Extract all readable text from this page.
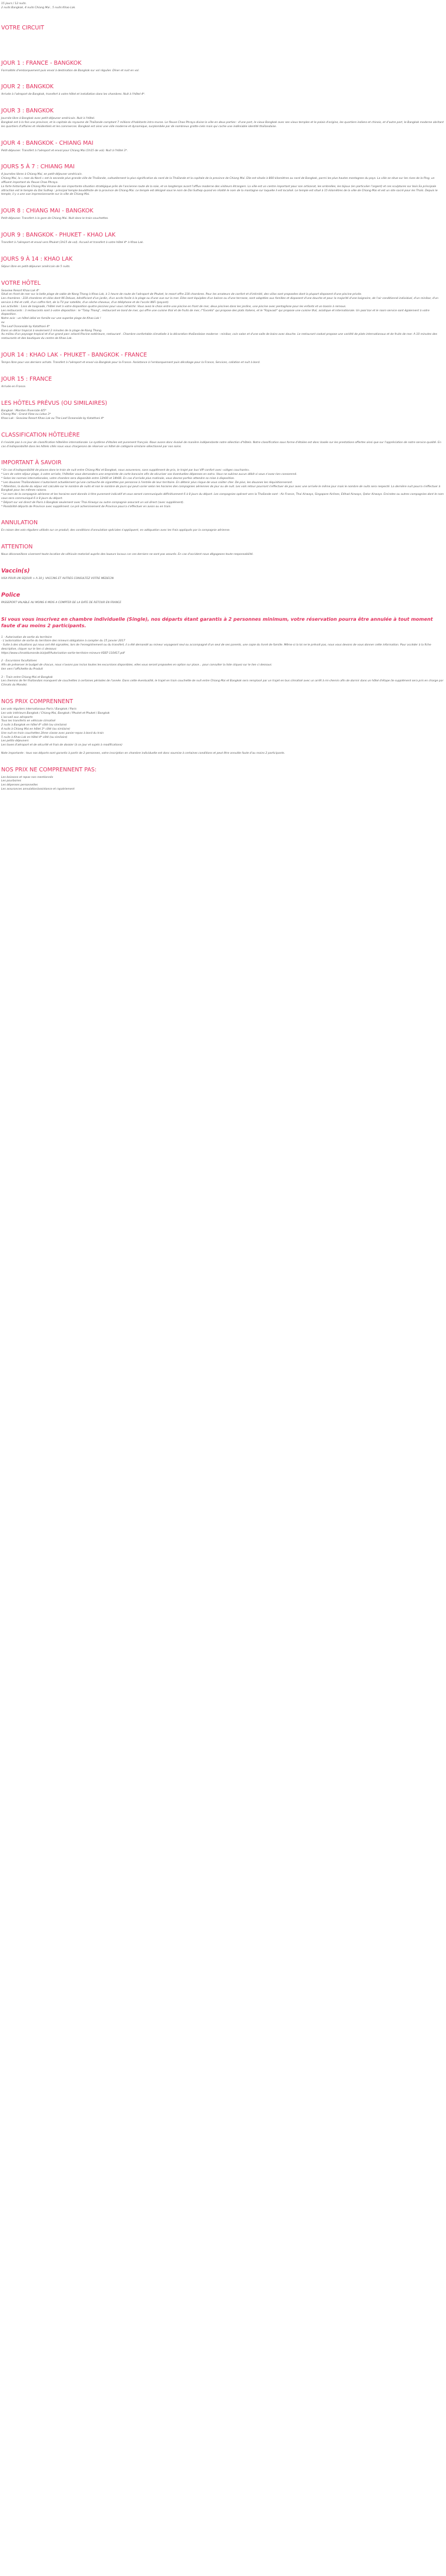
15 jours / 12 nuits.

2 nuits Bangkok, 4 nuits Chiang Mai , 5 nuits Khao Lak.

VOTRE CIRCUIT
JOUR 1 : FRANCE - BANGKOK

Formalités d'embarquement puis envol à destination de Bangkok sur vol régulier. Dîner et nuit en vol.

JOUR 2 : BANGKOK

Arrivée à l'aéroport de Bangkok, transfert à votre hôtel et installation dans les chambres. Nuit à l'hôtel 4*.

JOUR 3 : BANGKOK

Journée libre à Bangkok avec petit-déjeuner américain. Nuit à l'hôtel.
Bangkok est à la fois une province, et la capitale du royaume de Thaïlande comptant 7 millions d'habitants intra-muros. Le fleuve Chao Phraya divise la ville en deux parties : d'une part, le vieux Bangkok avec ses vieux temples et le palais d'origine, les quartiers indiens et chinois, et d'autre part, le Bangkok moderne abritant les quartiers d'affaires et résidentiels et les commerces. Bangkok est ainsi une ville moderne et dynamique, surplombée par de nombreux gratte-ciels mais qui cache une indéniable identité thaïlandaise.

JOUR 4 : BANGKOK - CHIANG MAI

Petit-déjeuner. Transfert à l'aéroport et envol pour Chiang Mai (1h15 de vol). Nuit à l'hôtel 3*.

JOURS 5 À 7 : CHIANG MAI

4 journées libres à Chiang Mai, en petit-déjeuner américain.
Chiang Mai, la « rose du Nord » est la seconde plus grande ville de Thaïlande, cultuellement la plus significative du nord de la Thaïlande et la capitale de la province de Chiang Mai. Elle est située à 800 kilomètres au nord de Bangkok, parmi les plus hautes montagnes du pays. La ville se situe sur les rives de la Ping, un affluent important du fleuve Chao Phraya.
La forte historique de Chiang Mai émane de son importante situation stratégique près de l'ancienne route de la soie, et ce longtemps avant l'afflux moderne des visiteurs étrangers. La ville est un centre important pour son artisanat, les ombrelles, les bijoux (en particulier l'argent) et ces sculptures sur bois.Sa principale attraction est le temple du Doi Suthep : principal temple bouddhiste de la province de Chiang Mai. Le temple est désigné sous le nom de Doi Suthep quand en réalité le nom de la montagne sur laquelle il est localisé. Le temple est situé à 15 kilomètres de la ville de Chiang Mai et est un site sacré pour les Thaïs. Depuis le temple, il y a une vue impressionnante sur la ville de Chiang Mai.

JOUR 8 : CHIANG MAI - BANGKOK

Petit-déjeuner. Transfert à la gare de Chiang Mai. Nuit dans le train-couchettes.

JOUR 9 : BANGKOK - PHUKET - KHAO LAK

Transfert à l'aéroport et envol vers Phuket (1h15 de vol). Accueil et transfert à votre hôtel 4* à Khao Lak.

JOURS 9 À 14 : KHAO LAK

Séjour libre en petit-déjeuner américain de 5 nuits.

VOTRE HÔTEL

Seaview Resort Khao Lak 4*
Situé en front de mer sur la belle plage de sable de Nang Thong à Khao Lak, à 1 heure de route de l'aéroport de Phuket, le resort offre 218 chambres. Pour les amateurs de confort et d'intimité, des villas sont proposées dont la plupart disposent d'une piscine privée.
Les chambres : 218 chambres et villas dont 96 Deluxe, bénéficiant d'un jardin, d'un accès facile à la plage ou d'une vue sur la mer. Elles sont équipées d'un balcon ou d'une terrasse, sont adaptées aux familles et disposent d'une douche et pour la majorité d'une baignoire, de l'air conditionné individuel, d'un minibar, d'un service à thé et café, d'un coffre-fort, de la TV par satellite, d'un sèche-cheveux, d'un téléphone et de l'accès WiFi (payant).
Les activités : 1ans de baignade, l'hôtel met à votre disposition quatre piscines pour vous rafraîchir. Vous avez le choix entre une piscine en front de mer, deux piscines dans les jardins, une piscine avec pentaglisse pour les enfants et un bassin à remous.
Les restaurants : 3 restaurants sont à votre disposition : le "Talay Thong", restaurant en bord de mer, qui offre une cuisine thaï et de fruits de mer, l'"Excello" qui propose des plats italiens, et le "Rajavadi" qui propose une cuisine thaï, asiatique et internationale. Un pool bar et le room service sont également à votre disposition.
Notre avis : un hôtel idéal en famille sur une superbe plage de Khao Lak !
ou
The Leaf Oceanside by Katathani 4*
Dans un décor tropical à seulement 2 minutes de la plage de Nang Thong.
Au milieu d'un paysage tropical et d'un grand parc arboré.Piscine extérieure, restaurant . Chambre confortable climatisée à la décoration thaïlandaise moderne : minibar, coin salon et d'une salle de bains avec douche. Le restaurant cookat propose une variété de plats internationaux et de fruits de mer. A 10 minutes des restaurants et des boutiques du centre de Khao Lak.

JOUR 14 : KHAO LAK - PHUKET - BANGKOK - FRANCE

Temps libre pour vos derniers achats. Transfert à l'aéroport et envol via Bangkok pour la France. Assistance à l'embarquement puis décollage pour la France, Services, collation et nuit à bord.

JOUR 15 : FRANCE

Arrivée en France.

LES HÔTELS PRÉVUS (OU SIMILAIRES)

Bangkok : Montien Riverside 4/5*
Chiang Mai : Grand View ou Lotus 3*
Khao Lak : Seaview Resort Khao Lak ou The Leaf Oceanside by Katathani 4*

CLASSIFICATION HÔTELIÈRE

Il n'existe pas à ce jour de classification hôtelière internationale. Le système d'étoiles est purement français. Nous avons donc évalué de manière indépendante notre sélection d'hôtels. Notre classification sous forme d'étoiles est donc basée sur les prestations offertes ainsi que sur l'appréciation de notre service qualité. En cas d'indisponibilité dans les hôtels cités nous vous chargerons de réserver un hôtel de catégorie similaire sélectionné par nos soins.

IMPORTANT À SAVOIR

* En cas d'indisponibilité de places dans le train de nuit entre Chiang Mai et Bangkok, nous assurerons, sans supplément de prix, le trajet par bus VIP confort avec «sièges couchants».
* Lors de votre séjour plage, à votre arrivée, l'hôtelier vous demandera une empreinte de carte bancaire afin de sécuriser vos éventuelles dépenses en extra. Vous ne subirez aucun débit si vous n'avez rien consommé.
* Selon les normes internationales, votre chambre sera disponible entre 12h00 et 14h00. En cas d'arrivée plus matinale, vous devrez parfois attendre sa mise à disposition.
* Les douanes Thaïlandaises n'autorisent actuellement qu'une cartouche de cigarettes par personne à l'entrée de leur territoire. En détenir plus risque de vous coûter cher. De plus, les douanes les réquisitionneront.
* Attention, la durée du séjour est calculée sur le nombre de nuits et non le nombre de jours qui peut varier selon les horaires des compagnies aériennes de jour ou de nuit. Les vols retour pourront s'effectuer de jour avec une arrivée le même jour mais le nombre de nuits sera respecté. La dernière nuit pourra s'effectuer à Bangkok pour les mêmes raisons.
* Le nom de la compagnie aérienne et les horaires sont donnés à titre purement indicatif et vous seront communiqués définitivement 6 à 8 jours du départ. Les compagnies opérant vers la Thaïlande sont : Air France, Thai Airways, Singapore Airlines, Etihad Airways, Qatar Airways. Emirates ou autres compagnies dont le nom vous sera communiqué 6 à 8 jours du départ.
* Départ sur vol direct de Paris à Bangkok seulement avec Thai Airways ou autre compagnie assurant un vol direct (avec supplément).
* Possibilité départs de Province avec supplément. Le pré acheminement de Province pourra s'effectuer en avion ou en train.

ANNULATION

En raison des vols réguliers utilisés sur ce produit, des conditions d'annulation spéciales s'appliquent, en adéquation avec les frais appliqués par la compagnie aérienne.

ATTENTION

Nous déconseillons vivement toute location de véhicule motorisé auprès des loueurs locaux car ces derniers ne sont pas assurés. En cas d'accident nous dégageons toute responsabilité.

Vaccin(s)

VISA POUR UN SEJOUR > A 30 J. VACCINS ET AUTRES CONSULTEZ VOTRE MEDECIN

Police

PASSEPORT VALABLE AU MOINS 6 MOIS A COMPTER DE LA DATE DE RETOUR EN FRANCE

Si vous vous inscrivez en chambre individuelle (Single), nos départs étant garantis à 2 personnes minimum, votre réservation pourra être annulée à tout moment faute d'au moins 2 participants.

1 - Autorisation de sortie du territoire
· L'autorisation de sortie du territoire des mineurs obligatoire à compter du 15 janvier 2017
· Suite à des situations qui nous ont été signalées, lors de l'enregistrement ou du transfert, il a été demandé au mineur voyageant seul ou accompagné d'un seul de ses parents, une copie du livret de famille. Même si la loi ne le prévoit pas, nous vous devons de vous donner cette information. Pour accéder à la fiche descriptive, cliquer sur le lien ci dessous:
https://www.climatdumonde.biz/pdf/Autorisation-sortie-territoire-mineurs-VDEF-110417.pdf

2 - Excursions facultatives
Afin de préserver le budget de chacun, nous n'avons pas inclus toutes les excursions disponibles, elles vous seront proposées en option sur place... pour consulter la liste cliquez sur le lien ci dessous:
lien vers l'affichette du Produit

3 – Train entre Chiang Mai et Bangkok
Les chemins de fer thaïlandais manquent de couchettes à certaines périodes de l'année. Dans cette éventualité, le trajet en train couchette de nuit entre Chiang Mai et Bangkok sera remplacé par un trajet en bus climatisé avec un arrêt à mi-chemin afin de dormir dans un hôtel d'étape (le supplément sera pris en charge par Climats du Monde).

NOS PRIX COMPRENNENT

Les vols réguliers internationaux Paris / Bangkok / Paris
Les vols intérieurs Bangkok / Chiang Mai, Bangkok / Phuket et Phuket / Bangkok
L'accueil aux aéroports
Tous les transferts en véhicule climatisé
2 nuits à Bangkok en hôtel 4* côté (ou similaire)
4 nuits à Chiang Mai en hôtel 3* côté (ou similaire)
Une nuit en train couchettes 2ème classe avec panier-repas à bord du train
5 nuits à Khao Lak en hôtel 4* côté (ou similaire)
Les petits-déjeuners
Les taxes d'aéroport et de sécurité et frais de dossier (à ce jour et sujets à modifications)

Note importante : tous nos départs sont garantis à partir de 2 personnes, votre inscription en chambre individuelle est donc soumise à certaines conditions et peut être annulée faute d'au moins 2 participants.

NOS PRIX NE COMPRENNENT PAS:

Les boissons et repas non mentionnés
Les pourboires
Les dépenses personnelles
Les assurances annulation/assistance et rapatriement
